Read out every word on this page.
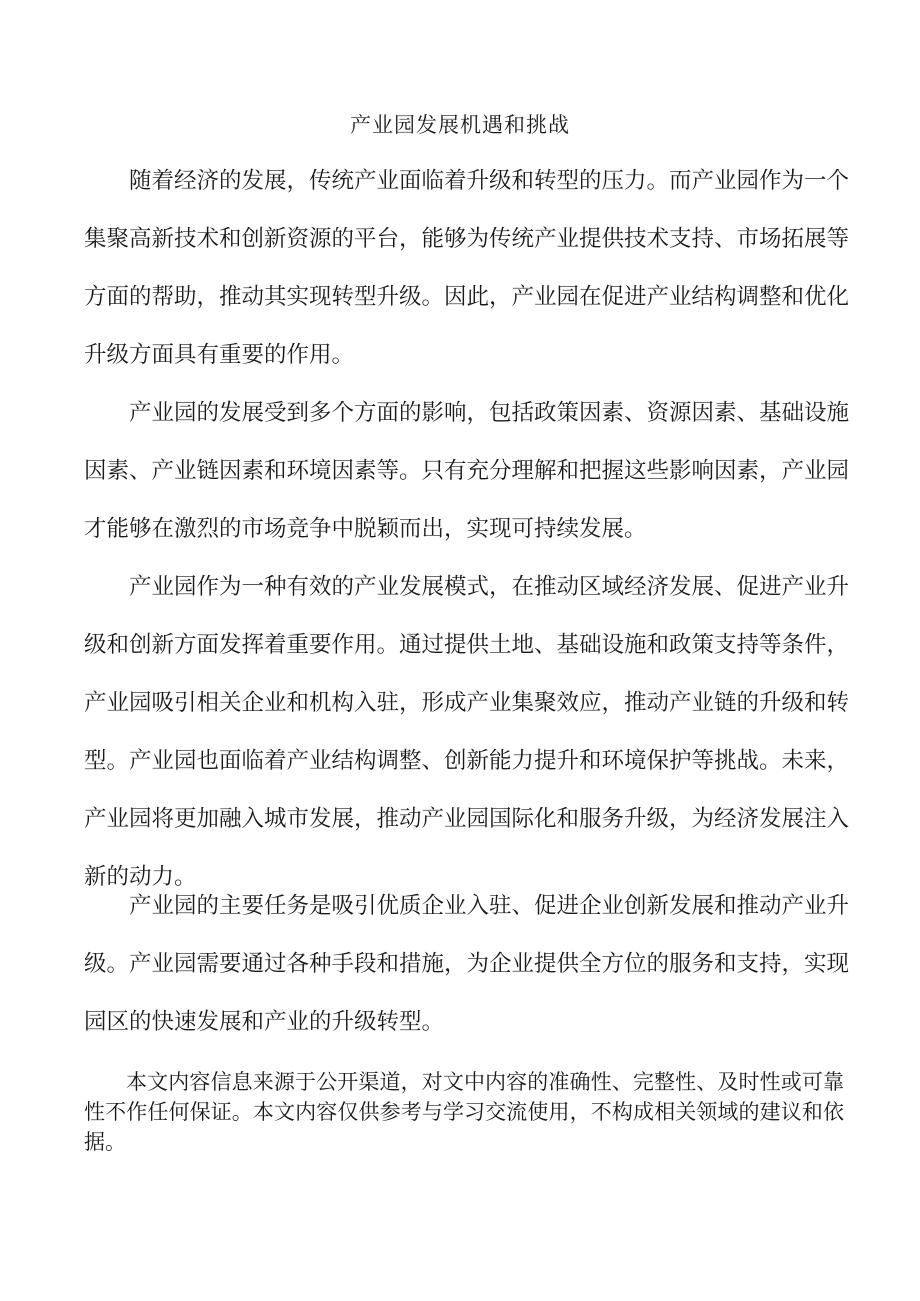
产业园发展机遇和挑战

随着经济的发展，传统产业面临着升级和转型的压力。而产业园作为一个集聚高新技术和创新资源的平台，能够为传统产业提供技术支持、市场拓展等方面的帮助，推动其实现转型升级。因此，产业园在促进产业结构调整和优化升级方面具有重要的作用。

产业园的发展受到多个方面的影响，包括政策因素、资源因素、基础设施因素、产业链因素和环境因素等。只有充分理解和把握这些影响因素，产业园才能够在激烈的市场竞争中脱颖而出，实现可持续发展。

产业园作为一种有效的产业发展模式，在推动区域经济发展、促进产业升级和创新方面发挥着重要作用。通过提供土地、基础设施和政策支持等条件，产业园吸引相关企业和机构入驻，形成产业集聚效应，推动产业链的升级和转型。产业园也面临着产业结构调整、创新能力提升和环境保护等挑战。未来，产业园将更加融入城市发展，推动产业园国际化和服务升级，为经济发展注入新的动力。

产业园的主要任务是吸引优质企业入驻、促进企业创新发展和推动产业升级。产业园需要通过各种手段和措施，为企业提供全方位的服务和支持，实现园区的快速发展和产业的升级转型。

本文内容信息来源于公开渠道，对文中内容的准确性、完整性、及时性或可靠性不作任何保证。本文内容仅供参考与学习交流使用，不构成相关领域的建议和依据。
